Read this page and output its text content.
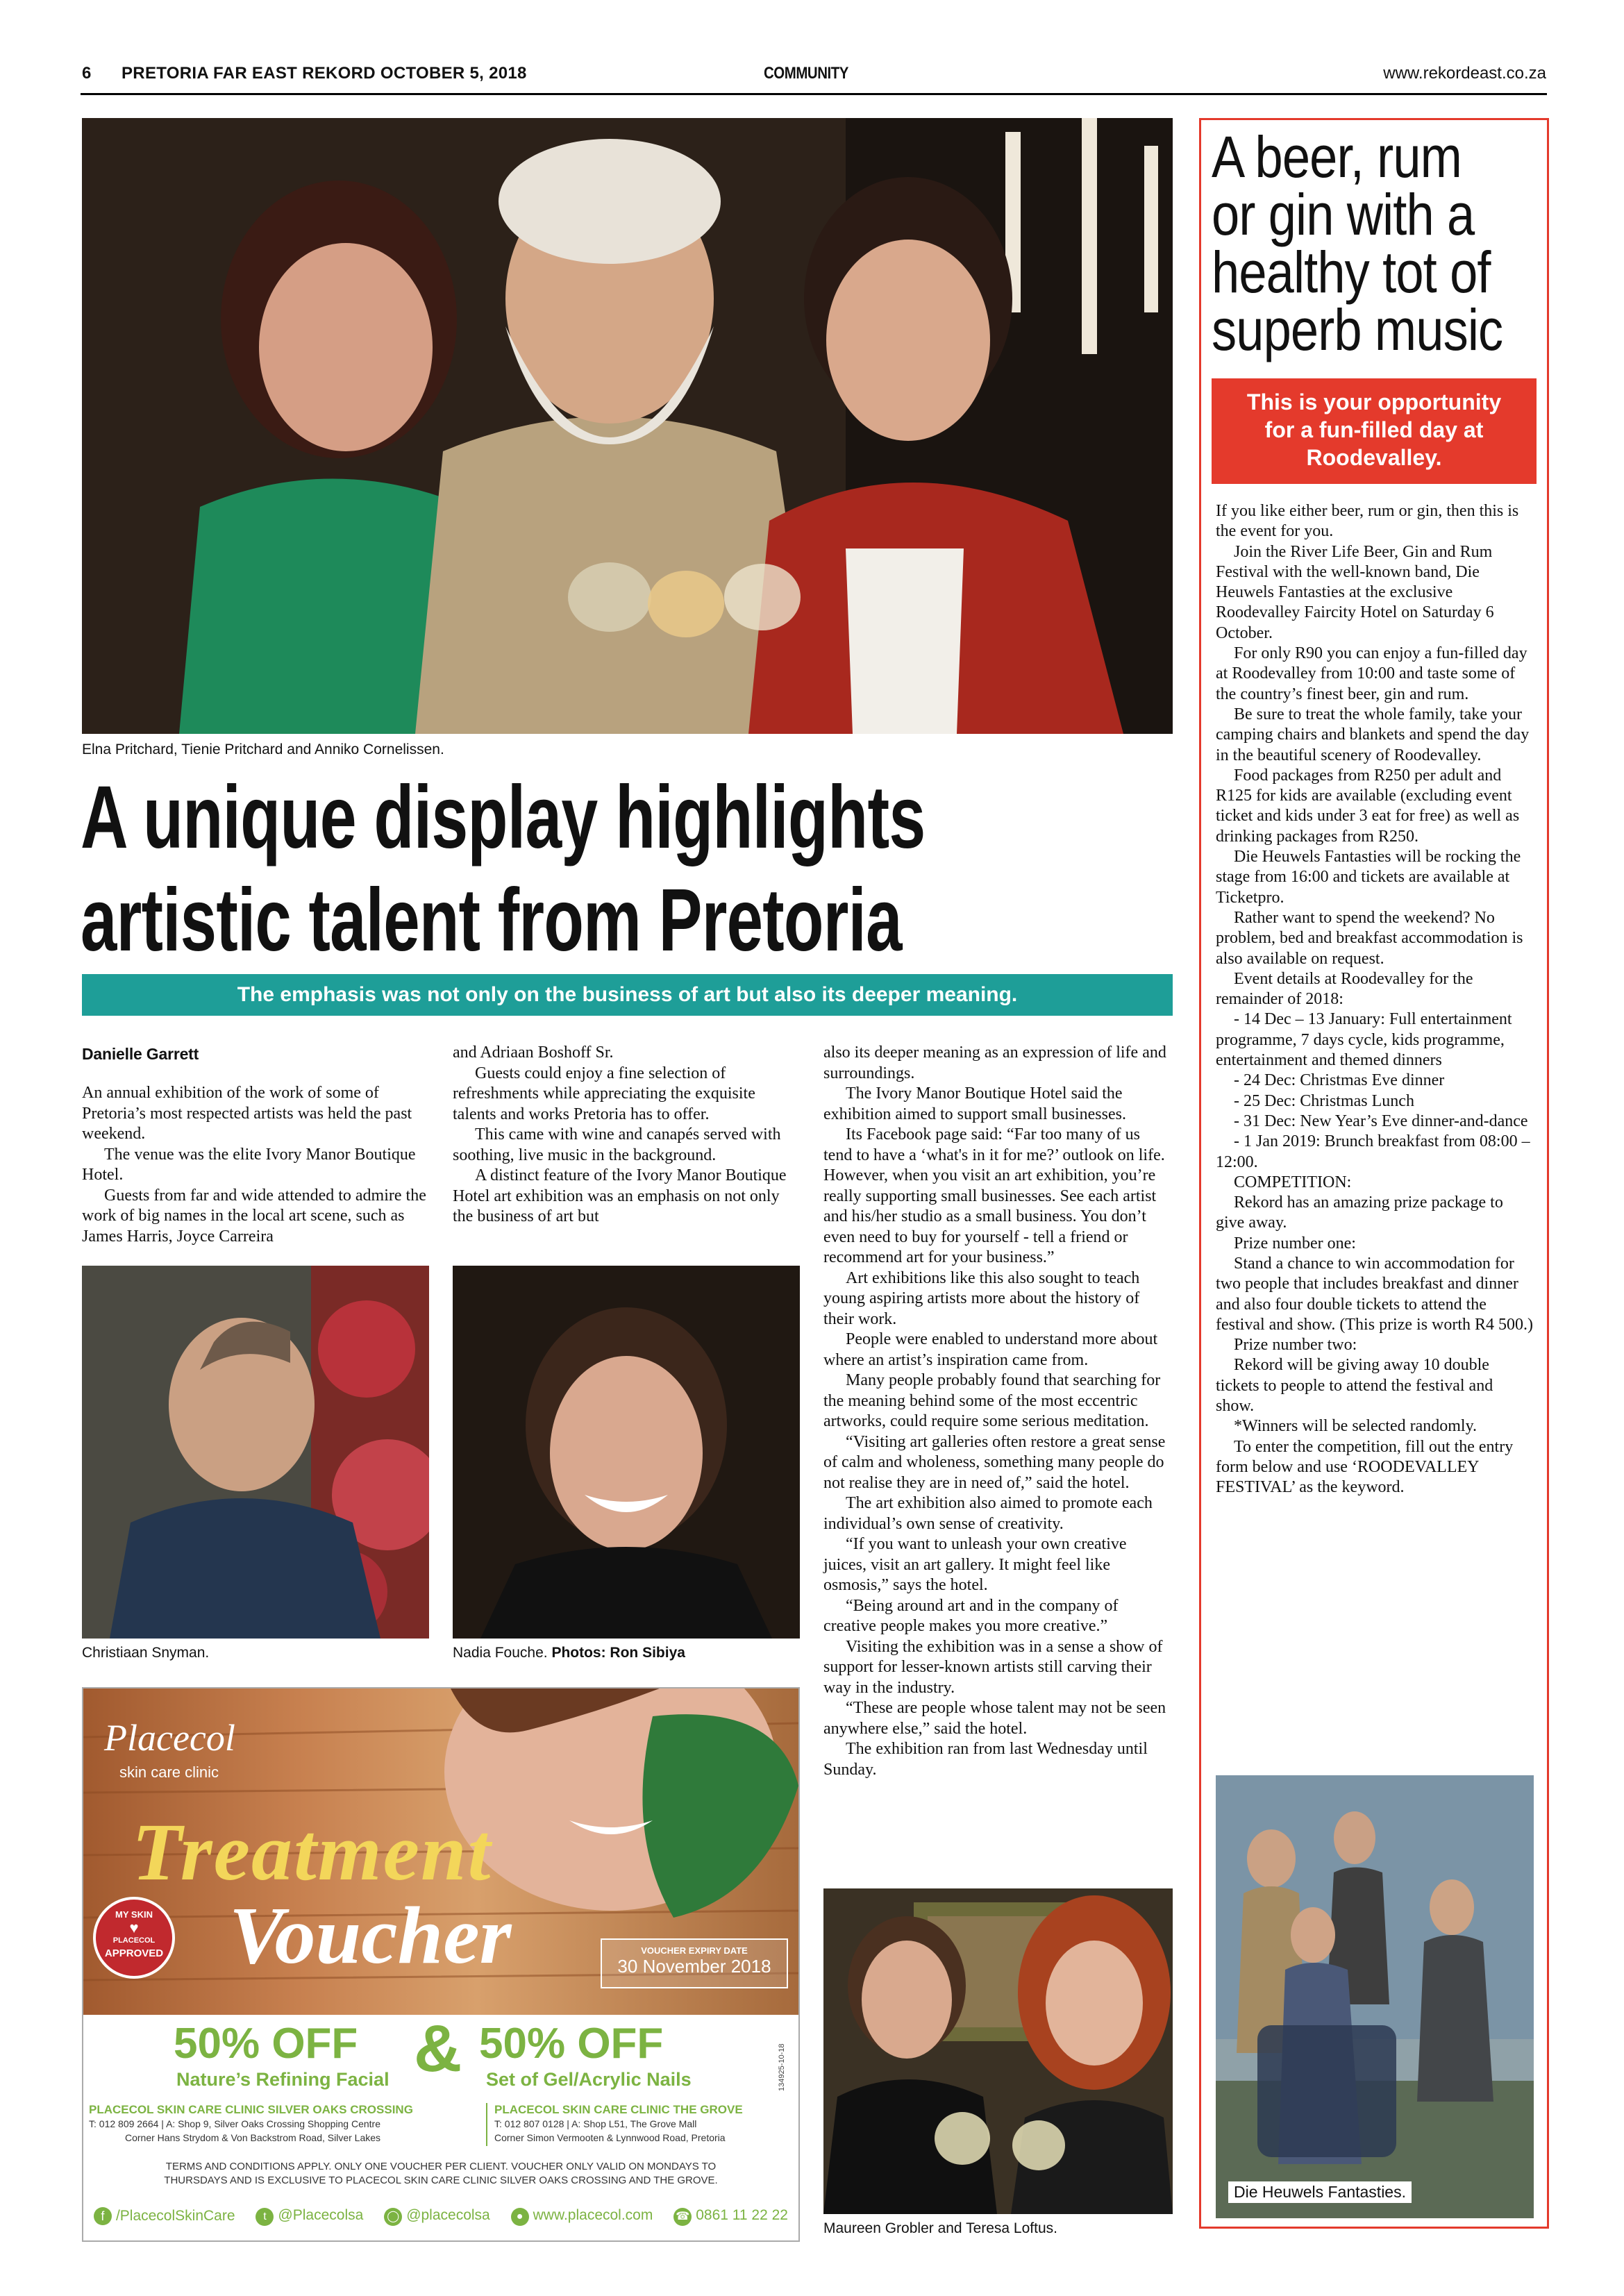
6 PRETORIA FAR EAST REKORD OCTOBER 5, 2018	COMMUNITY	www.rekordeast.co.za
Elna Pritchard, Tienie Pritchard and Anniko Cornelissen.
A unique display highlights
artistic talent from Pretoria
The emphasis was not only on the business of art but also its deeper meaning.
Danielle Garrett

An annual exhibition of the work of some of Pretoria’s most respected artists was held the past weekend.

The venue was the elite Ivory Manor Boutique Hotel.

Guests from far and wide attended to admire the work of big names in the local art scene, such as James Harris, Joyce Carreira

and Adriaan Boshoff Sr.

Guests could enjoy a fine selection of refreshments while appreciating the exquisite talents and works Pretoria has to offer.

This came with wine and canapés served with soothing, live music in the background.

A distinct feature of the Ivory Manor Boutique Hotel art exhibition was an emphasis on not only the business of art but

also its deeper meaning as an expression of life and surroundings.

The Ivory Manor Boutique Hotel said the exhibition aimed to support small businesses.

Its Facebook page said: “Far too many of us tend to have a ‘what's in it for me?’ outlook on life. However, when you visit an art exhibition, you’re really supporting small businesses. See each artist and his/her studio as a small business. You don’t even need to buy for yourself - tell a friend or recommend art for your business.”

Art exhibitions like this also sought to teach young aspiring artists more about the history of their work.

People were enabled to understand more about where an artist’s inspiration came from.

Many people probably found that searching for the meaning behind some of the most eccentric artworks, could require some serious meditation.

“Visiting art galleries often restore a great sense of calm and wholeness, something many people do not realise they are in need of,” said the hotel.

The art exhibition also aimed to promote each individual’s own sense of creativity.

“If you want to unleash your own creative juices, visit an art gallery. It might feel like osmosis,” says the hotel.

“Being around art and in the company of creative people makes you more creative.”

Visiting the exhibition was in a sense a show of support for lesser-known artists still carving their way in the industry.

“These are people whose talent may not be seen anywhere else,” said the hotel.

The exhibition ran from last Wednesday until Sunday.

Christiaan Snyman.	Nadia Fouche. Photos: Ron Sibiya
Maureen Grobler and Teresa Loftus.
Placecol
skin care clinic
Treatment
Voucher
MY SKIN
♥
PLACECOL
APPROVED	VOUCHER EXPIRY DATE
30 November 2018
134925-10-18
50% OFF
Nature’s Refining Facial & 50% OFF
Set of Gel/Acrylic Nails
PLACECOL SKIN CARE CLINIC SILVER OAKS CROSSING
T: 012 809 2664 | A: Shop 9, Silver Oaks Crossing Shopping Centre
Corner Hans Strydom & Von Backstrom Road, Silver Lakes
PLACECOL SKIN CARE CLINIC THE GROVE
T: 012 807 0128 | A: Shop L51, The Grove Mall
Corner Simon Vermooten & Lynnwood Road, Pretoria
TERMS AND CONDITIONS APPLY. ONLY ONE VOUCHER PER CLIENT. VOUCHER ONLY VALID ON MONDAYS TO
THURSDAYS AND IS EXCLUSIVE TO PLACECOL SKIN CARE CLINIC SILVER OAKS CROSSING AND THE GROVE.
f /PlacecolSkinCare	t @Placecolsa ◯ @placecolsa	● www.placecol.com ☎ 0861 11 22 22
A beer, rum
or gin with a
healthy tot of
superb music
This is your opportunity for a fun-filled day at Roodevalley.

If you like either beer, rum or gin, then this is the event for you.

Join the River Life Beer, Gin and Rum Festival with the well-known band, Die Heuwels Fantasties at the exclusive Roodevalley Faircity Hotel on Saturday 6 October.

For only R90 you can enjoy a fun-filled day at Roodevalley from 10:00 and taste some of the country’s finest beer, gin and rum.

Be sure to treat the whole family, take your camping chairs and blankets and spend the day in the beautiful scenery of Roodevalley.

Food packages from R250 per adult and R125 for kids are available (excluding event ticket and kids under 3 eat for free) as well as drinking packages from R250.

Die Heuwels Fantasties will be rocking the stage from 16:00 and tickets are available at Ticketpro.

Rather want to spend the weekend? No problem, bed and breakfast accommodation is also available on request.

Event details at Roodevalley for the remainder of 2018:

- 14 Dec – 13 January: Full entertainment programme, 7 days cycle, kids programme, entertainment and themed dinners

- 24 Dec: Christmas Eve dinner

- 25 Dec: Christmas Lunch

- 31 Dec: New Year’s Eve dinner-and-dance

- 1 Jan 2019: Brunch breakfast from 08:00 – 12:00.

COMPETITION:

Rekord has an amazing prize package to give away.

Prize number one:

Stand a chance to win accommodation for two people that includes breakfast and dinner and also four double tickets to attend the festival and show. (This prize is worth R4 500.)

Prize number two:

Rekord will be giving away 10 double tickets to people to attend the festival and show.

*Winners will be selected randomly.

To enter the competition, fill out the entry form below and use ‘ROODEVALLEY FESTIVAL’ as the keyword.

Die Heuwels Fantasties.
